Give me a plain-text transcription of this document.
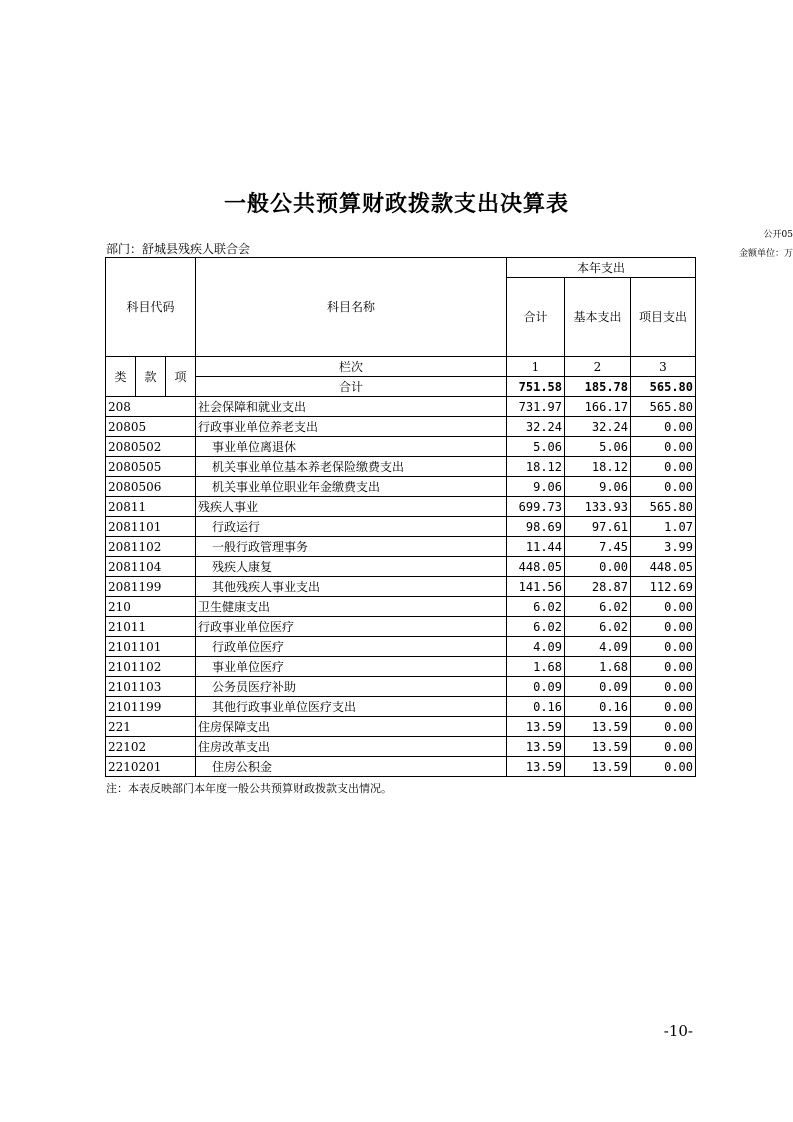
一般公共预算财政拨款支出决算表
公开05
金额单位：万
部门：舒城县残疾人联合会
科目代码			科目名称	本年支出		
				合计	基本支出	项目支出
类	款	项	栏次	1	2	3
			合计	751.58	185.78	565.80
208			社会保障和就业支出	731.97	166.17	565.80
20805			行政事业单位养老支出	32.24	32.24	0.00
2080502			事业单位离退休	5.06	5.06	0.00
2080505			机关事业单位基本养老保险缴费支出	18.12	18.12	0.00
2080506			机关事业单位职业年金缴费支出	9.06	9.06	0.00
20811			残疾人事业	699.73	133.93	565.80
2081101			行政运行	98.69	97.61	1.07
2081102			一般行政管理事务	11.44	7.45	3.99
2081104			残疾人康复	448.05	0.00	448.05
2081199			其他残疾人事业支出	141.56	28.87	112.69
210			卫生健康支出	6.02	6.02	0.00
21011			行政事业单位医疗	6.02	6.02	0.00
2101101			行政单位医疗	4.09	4.09	0.00
2101102			事业单位医疗	1.68	1.68	0.00
2101103			公务员医疗补助	0.09	0.09	0.00
2101199			其他行政事业单位医疗支出	0.16	0.16	0.00
221			住房保障支出	13.59	13.59	0.00
22102			住房改革支出	13.59	13.59	0.00
2210201			住房公积金	13.59	13.59	0.00
注：本表反映部门本年度一般公共预算财政拨款支出情况。
-10-
